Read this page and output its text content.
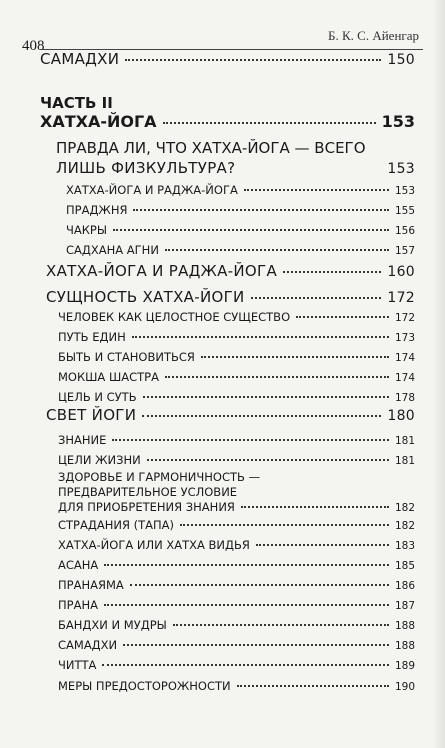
408
Б. К. С. Айенгар
САМАДХИ	150
ЧАСТЬ II
ХАТХА-ЙОГА	153
ПРАВДА ЛИ, ЧТО ХАТХА-ЙОГА — ВСЕГО
ЛИШЬ ФИЗКУЛЬТУРА?	153
ХАТХА-ЙОГА И РАДЖА-ЙОГА	153
ПРАДЖНЯ	155
ЧАКРЫ	156
САДХАНА АГНИ	157
ХАТХА-ЙОГА И РАДЖА-ЙОГА	160
СУЩНОСТЬ ХАТХА-ЙОГИ	172
ЧЕЛОВЕК КАК ЦЕЛОСТНОЕ СУЩЕСТВО	172
ПУТЬ ЕДИН	173
БЫТЬ И СТАНОВИТЬСЯ	174
МОКША ШАСТРА	174
ЦЕЛЬ И СУТЬ	178
СВЕТ ЙОГИ	180
ЗНАНИЕ	181
ЦЕЛИ ЖИЗНИ	181
ЗДОРОВЬЕ И ГАРМОНИЧНОСТЬ —
ПРЕДВАРИТЕЛЬНОЕ УСЛОВИЕ
ДЛЯ ПРИОБРЕТЕНИЯ ЗНАНИЯ	182
СТРАДАНИЯ (ТАПА)	182
ХАТХА-ЙОГА ИЛИ ХАТХА ВИДЬЯ	183
АСАНА	185
ПРАНАЯМА	186
ПРАНА	187
БАНДХИ И МУДРЫ	188
САМАДХИ	188
ЧИТТА	189
МЕРЫ ПРЕДОСТОРОЖНОСТИ	190
